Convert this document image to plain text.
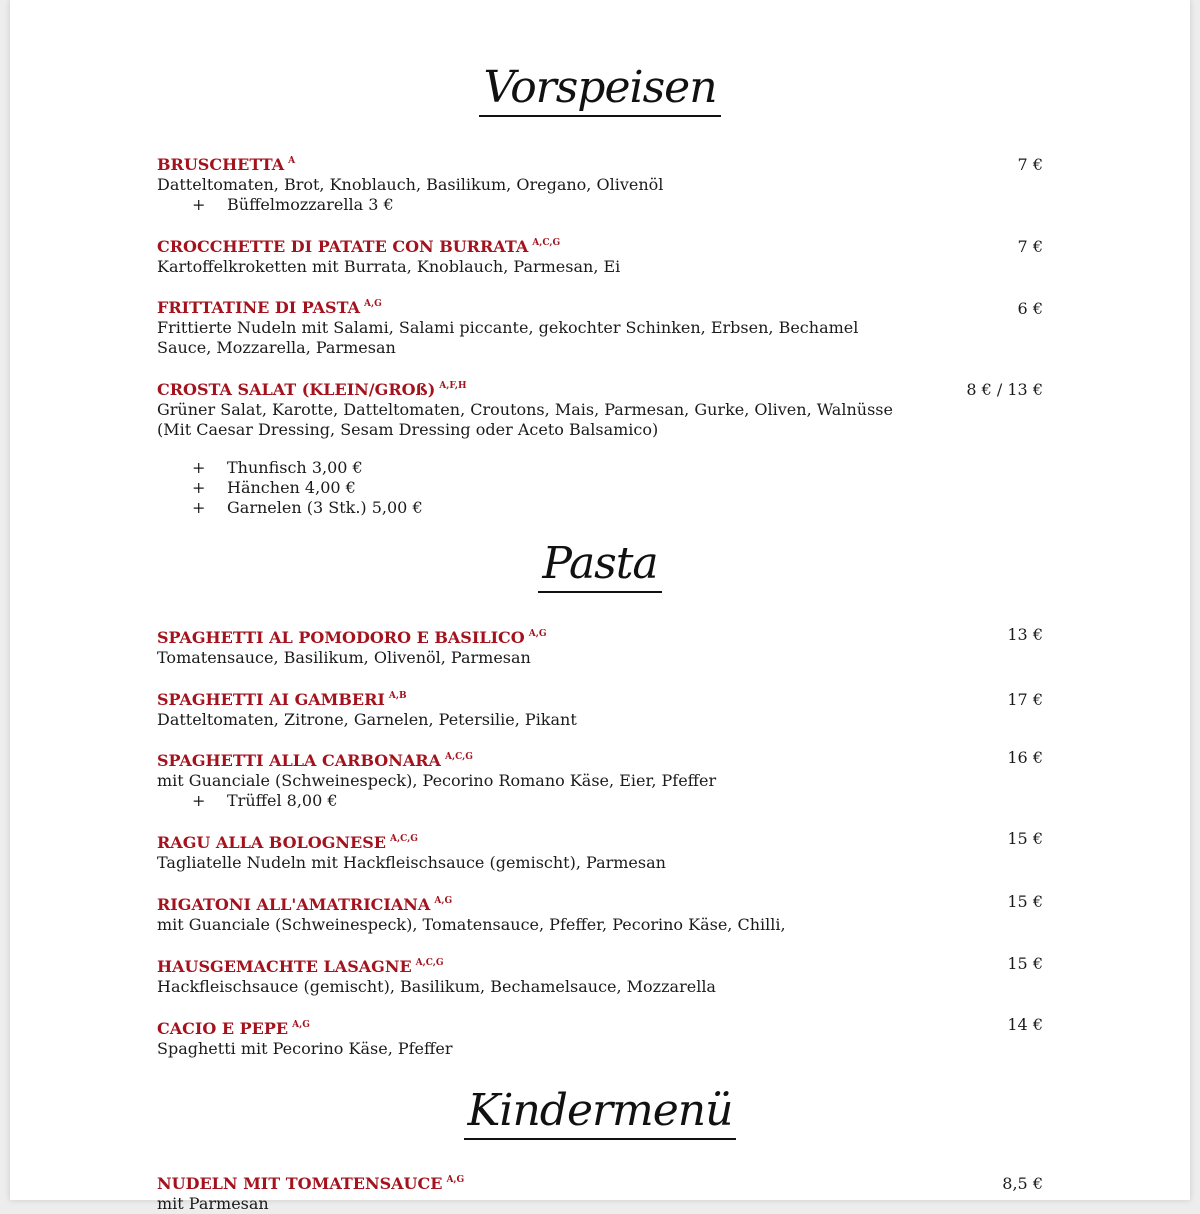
Vorspeisen
BRUSCHETTA $^A$
Datteltomaten, Brot, Knoblauch, Basilikum, Oregano, Olivenöl
+ Büffelmozzarella 3 €
7 €
CROCCHETTE DI PATATE CON BURRATA $^{A,C,G}$
Kartoffelkroketten mit Burrata, Knoblauch, Parmesan, Ei
7 €
FRITTATINE DI PASTA $^{A,G}$
Frittierte Nudeln mit Salami, Salami piccante, gekochter Schinken, Erbsen, Bechamel
Sauce, Mozzarella, Parmesan
6 €
CROSTA SALAT (KLEIN/GROß) $^{A,F,H}$
Grüner Salat, Karotte, Datteltomaten, Croutons, Mais, Parmesan, Gurke, Oliven, Walnüsse
(Mit Caesar Dressing, Sesam Dressing oder Aceto Balsamico)
+ Thunfisch 3,00 €
+ Hänchen 4,00 €
+ Garnelen (3 Stk.) 5,00 €
8 € / 13 €
Pasta
SPAGHETTI AL POMODORO E BASILICO $^{A,G}$
Tomatensauce, Basilikum, Olivenöl, Parmesan
13 €
SPAGHETTI AI GAMBERI $^{A,B}$
Datteltomaten, Zitrone, Garnelen, Petersilie, Pikant
17 €
SPAGHETTI ALLA CARBONARA $^{A,C,G}$
mit Guanciale (Schweinespeck), Pecorino Romano Käse, Eier, Pfeffer
+ Trüffel 8,00 €
16 €
RAGU ALLA BOLOGNESE $^{A,C,G}$
Tagliatelle Nudeln mit Hackfleischsauce (gemischt), Parmesan
15 €
RIGATONI ALL'AMATRICIANA $^{A,G}$
mit Guanciale (Schweinespeck), Tomatensauce, Pfeffer, Pecorino Käse, Chilli,
15 €
HAUSGEMACHTE LASAGNE $^{A,C,G}$
Hackfleischsauce (gemischt), Basilikum, Bechamelsauce, Mozzarella
15 €
CACIO E PEPE $^{A,G}$
Spaghetti mit Pecorino Käse, Pfeffer
14 €
Kindermenü
NUDELN MIT TOMATENSAUCE $^{A,G}$
mit Parmesan
8,5 €
